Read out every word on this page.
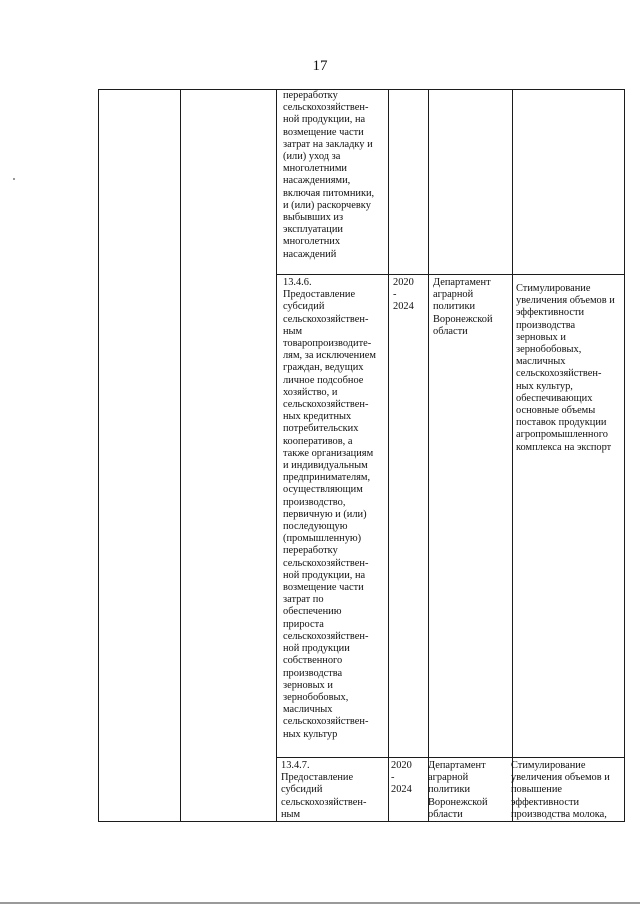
17
переработку
сельскохозяйствен-
ной продукции, на
возмещение части
затрат на закладку и
(или) уход за
многолетними
насаждениями,
включая питомники,
и (или) раскорчевку
выбывших из
эксплуатации
многолетних
насаждений
13.4.6.
Предоставление
субсидий
сельскохозяйствен-
ным
товаропроизводите-
лям, за исключением
граждан, ведущих
личное подсобное
хозяйство, и
сельскохозяйствен-
ных кредитных
потребительских
кооперативов, а
также организациям
и индивидуальным
предпринимателям,
осуществляющим
производство,
первичную и (или)
последующую
(промышленную)
переработку
сельскохозяйствен-
ной продукции, на
возмещение части
затрат по
обеспечению
прироста
сельскохозяйствен-
ной продукции
собственного
производства
зерновых и
зернобобовых,
масличных
сельскохозяйствен-
ных культур
2020
-
2024
Департамент
аграрной
политики
Воронежской
области
Стимулирование
увеличения объемов и
эффективности
производства
зерновых и
зернобобовых,
масличных
сельскохозяйствен-
ных культур,
обеспечивающих
основные объемы
поставок продукции
агропромышленного
комплекса на экспорт
13.4.7.
Предоставление
субсидий
сельскохозяйствен-
ным
2020
-
2024
Департамент
аграрной
политики
Воронежской
области
Стимулирование
увеличения объемов и
повышение
эффективности
производства молока,
